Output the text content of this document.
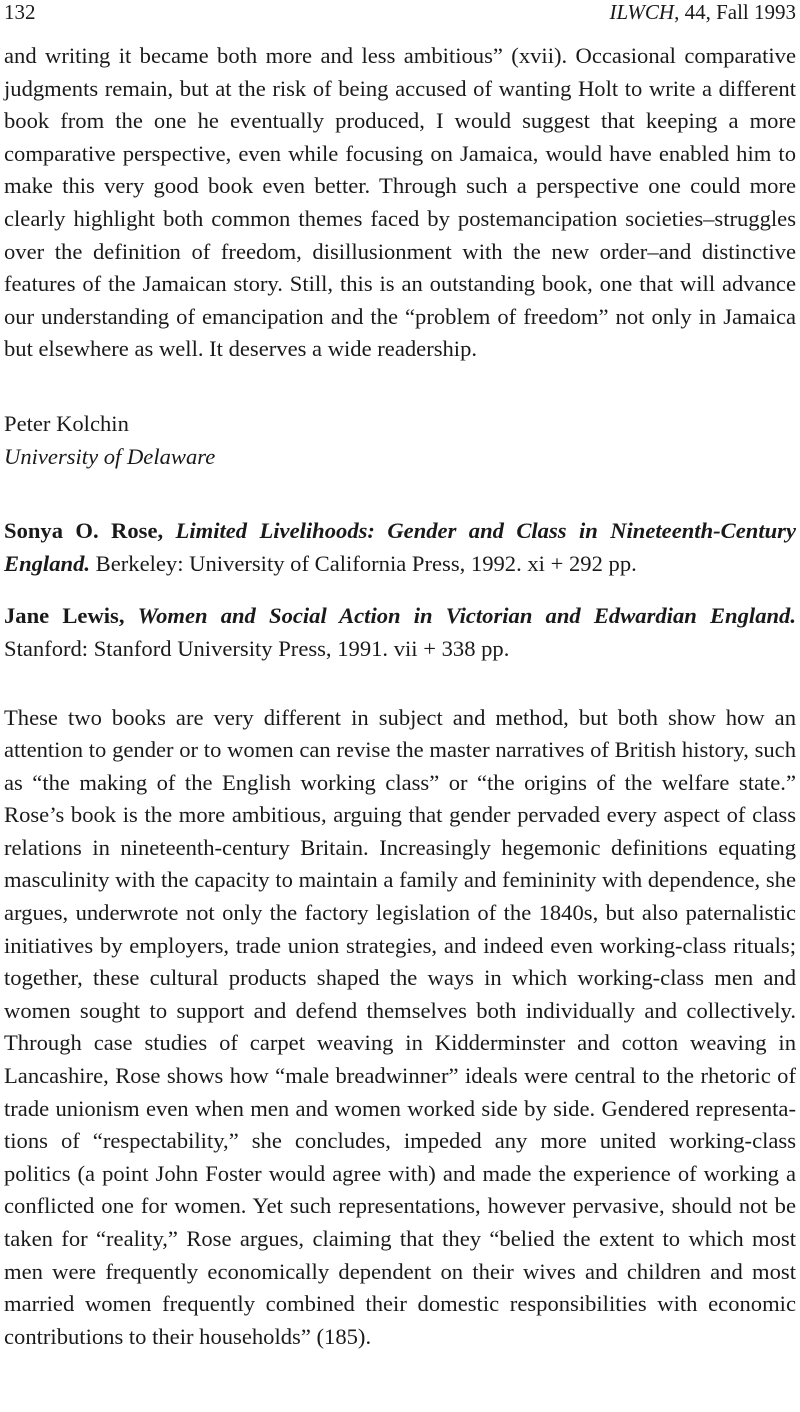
132	ILWCH, 44, Fall 1993

and writing it became both more and less ambitious” (xvii). Occasional comparative judgments remain, but at the risk of being accused of wanting Holt to write a different book from the one he eventually produced, I would suggest that keeping a more comparative perspective, even while focusing on Jamaica, would have enabled him to make this very good book even better. Through such a perspective one could more clearly highlight both common themes faced by postemancipation societies–struggles over the definition of freedom, disillusionment with the new order–and distinctive features of the Jamaican story. Still, this is an outstanding book, one that will advance our understanding of emancipation and the “problem of freedom” not only in Jamaica but elsewhere as well. It deserves a wide readership.

Peter Kolchin

University of Delaware

Sonya O. Rose, Limited Livelihoods: Gender and Class in Nineteenth-Century England. Berkeley: University of California Press, 1992. xi + 292 pp.

Jane Lewis, Women and Social Action in Victorian and Edwardian England. Stanford: Stanford University Press, 1991. vii + 338 pp.

These two books are very different in subject and method, but both show how an attention to gender or to women can revise the master narratives of British history, such as “the making of the English working class” or “the origins of the welfare state.” Rose’s book is the more ambitious, arguing that gender pervaded every aspect of class relations in nineteenth-century Britain. Increasingly hegemonic definitions equating masculinity with the capacity to maintain a family and femininity with dependence, she argues, underwrote not only the factory legislation of the 1840s, but also paternalistic initiatives by employers, trade union strategies, and indeed even working-class rituals; together, these cultural products shaped the ways in which working-class men and women sought to support and defend themselves both individually and collectively. Through case studies of carpet weaving in Kidderminster and cotton weaving in Lancashire, Rose shows how “male breadwinner” ideals were central to the rhetoric of trade unionism even when men and women worked side by side. Gendered representations of “respectability,” she concludes, impeded any more united working-class politics (a point John Foster would agree with) and made the experience of working a conflicted one for women. Yet such representations, however pervasive, should not be taken for “reality,” Rose argues, claiming that they “belied the extent to which most men were frequently economically dependent on their wives and children and most married women frequently combined their domestic responsibilities with economic contributions to their households” (185).
